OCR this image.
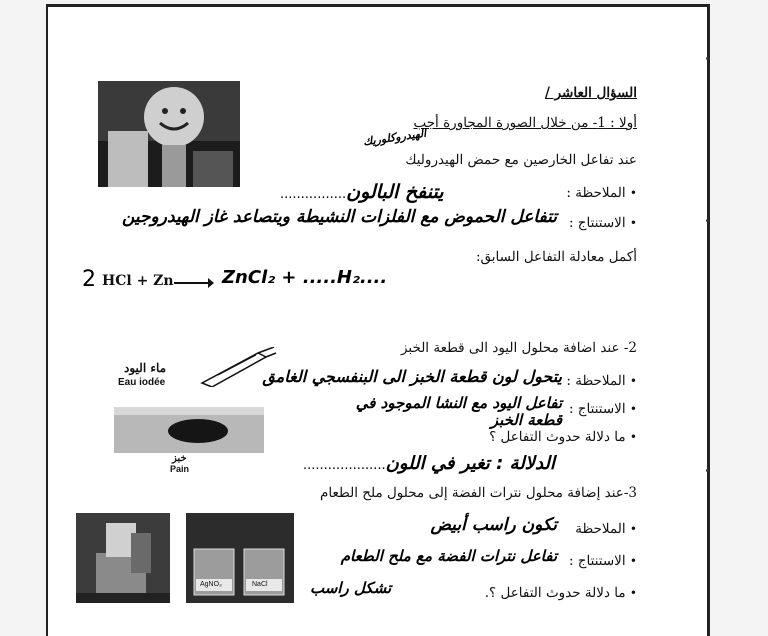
السؤال العاشر /
أولا : 1- من خلال الصورة المجاورة أجب
الهيدروكلوريك
عند تفاعل الخارصين مع حمض الهيدروليك
• الملاحظة :
................يتنفخ البالون
• الاستنتاج :
تتفاعل الحموض مع الفلزات النشيطة ويتصاعد غاز الهيدروجين
أكمل معادلة التفاعل السابق:
2 HCl + Zn	ZnCl₂ + .....H₂....
2- عند اضافة محلول اليود الى قطعة الخبز
ماء اليود
Eau iodée	• الملاحظة :
يتحول لون قطعة الخبز الى البنفسجي الغامق
• الاستنتاج :
تفاعل اليود مع النشا الموجود في قطعة الخبز
خبز
Pain
• ما دلالة حدوث التفاعل ؟
....................الدلالة : تغير في اللون
3-عند إضافة محلول نترات الفضة إلى محلول ملح الطعام
AgNO₃	NaCl
• الملاحظة
تكون راسب أبيض
• الاستنتاج :
تفاعل نترات الفضة مع ملح الطعام
• ما دلالة حدوث التفاعل ؟.
تشكل راسب
